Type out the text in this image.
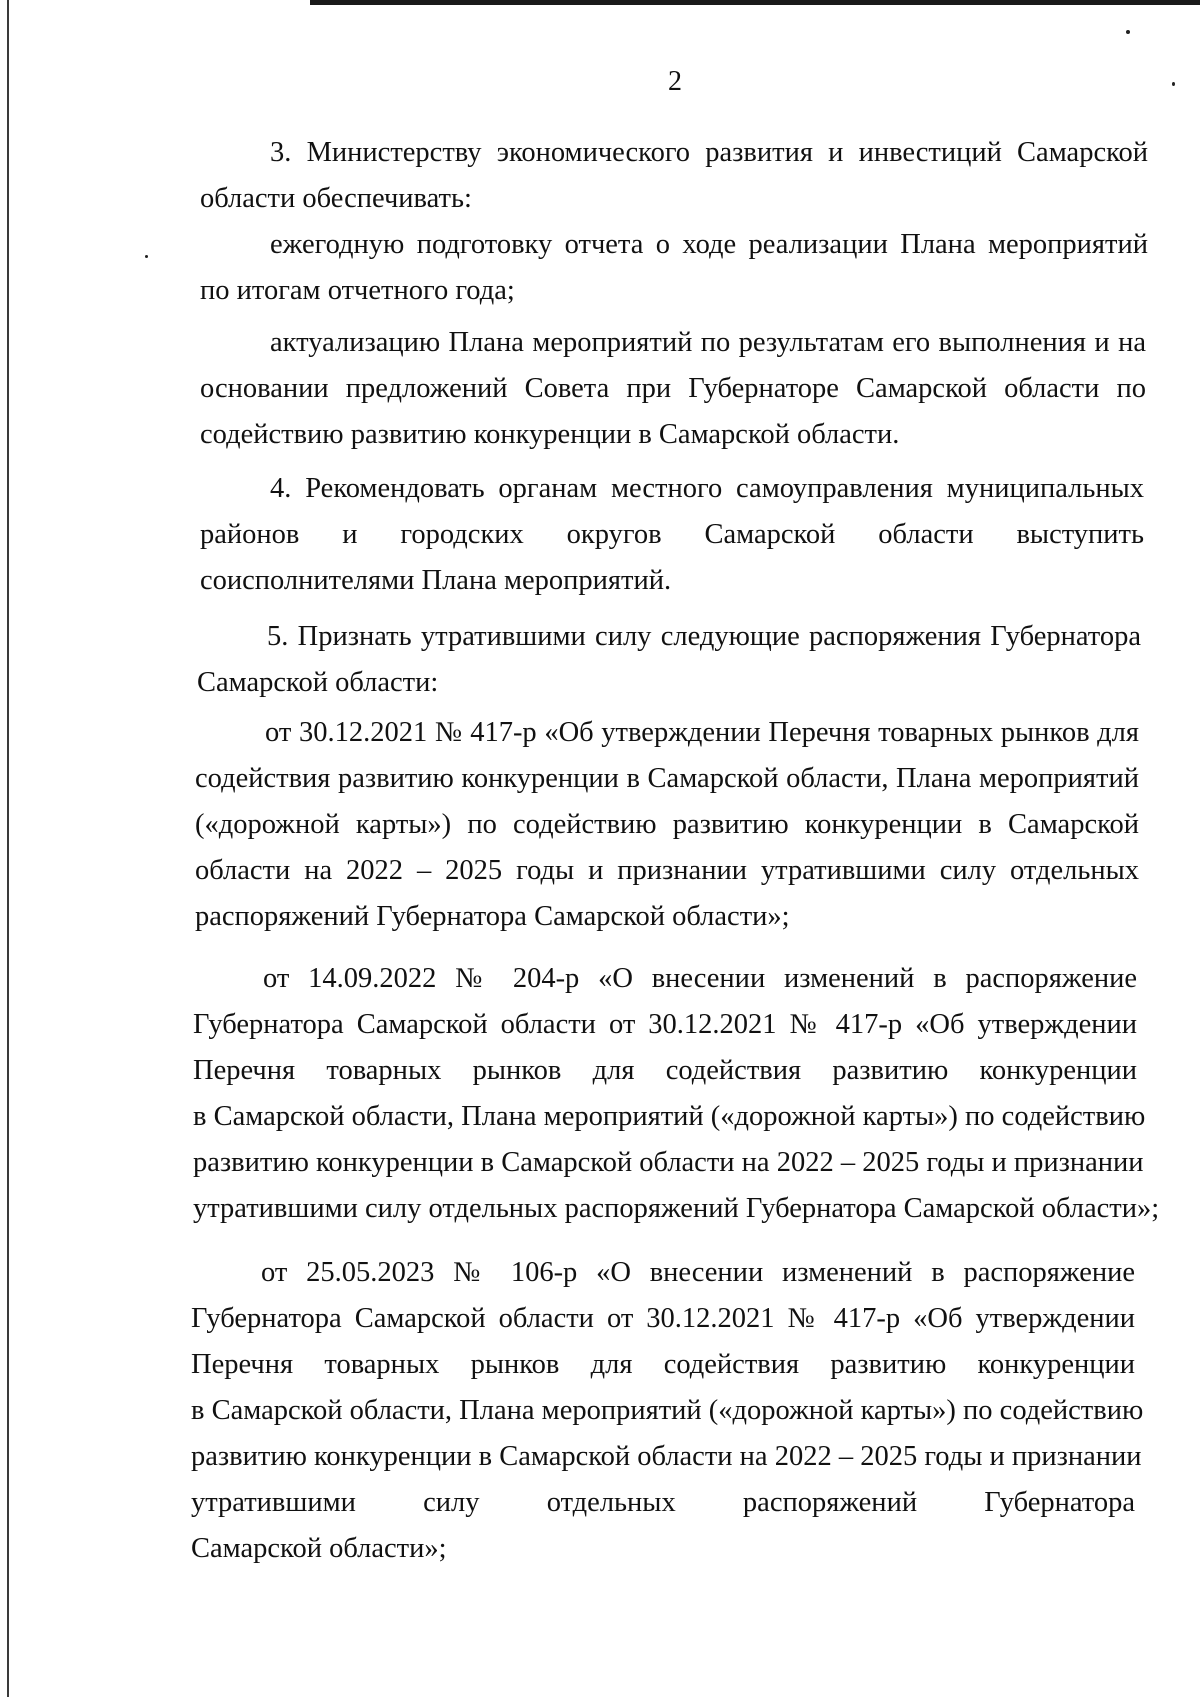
2
3. Министерству экономического развития и инвестиций Самарской
области обеспечивать:
ежегодную подготовку отчета о ходе реализации Плана мероприятий
по итогам отчетного года;
актуализацию Плана мероприятий по результатам его выполнения и на
основании предложений Совета при Губернаторе Самарской области по
содействию развитию конкуренции в Самарской области.
4. Рекомендовать органам местного самоуправления муниципальных
районов и городских округов Самарской области выступить
соисполнителями Плана мероприятий.
5. Признать утратившими силу следующие распоряжения Губернатора
Самарской области:
от 30.12.2021 № 417-р «Об утверждении Перечня товарных рынков для
содействия развитию конкуренции в Самарской области, Плана мероприятий
(«дорожной карты») по содействию развитию конкуренции в Самарской
области на 2022 – 2025 годы и признании утратившими силу отдельных
распоряжений Губернатора Самарской области»;
от 14.09.2022 № 204-р «О внесении изменений в распоряжение
Губернатора Самарской области от 30.12.2021 № 417-р «Об утверждении
Перечня товарных рынков для содействия развитию конкуренции
в Самарской области, Плана мероприятий («дорожной карты») по содействию
развитию конкуренции в Самарской области на 2022 – 2025 годы и признании
утратившими силу отдельных распоряжений Губернатора Самарской области»;
от 25.05.2023 № 106-р «О внесении изменений в распоряжение
Губернатора Самарской области от 30.12.2021 № 417-р «Об утверждении
Перечня товарных рынков для содействия развитию конкуренции
в Самарской области, Плана мероприятий («дорожной карты») по содействию
развитию конкуренции в Самарской области на 2022 – 2025 годы и признании
утратившими силу отдельных распоряжений Губернатора
Самарской области»;
